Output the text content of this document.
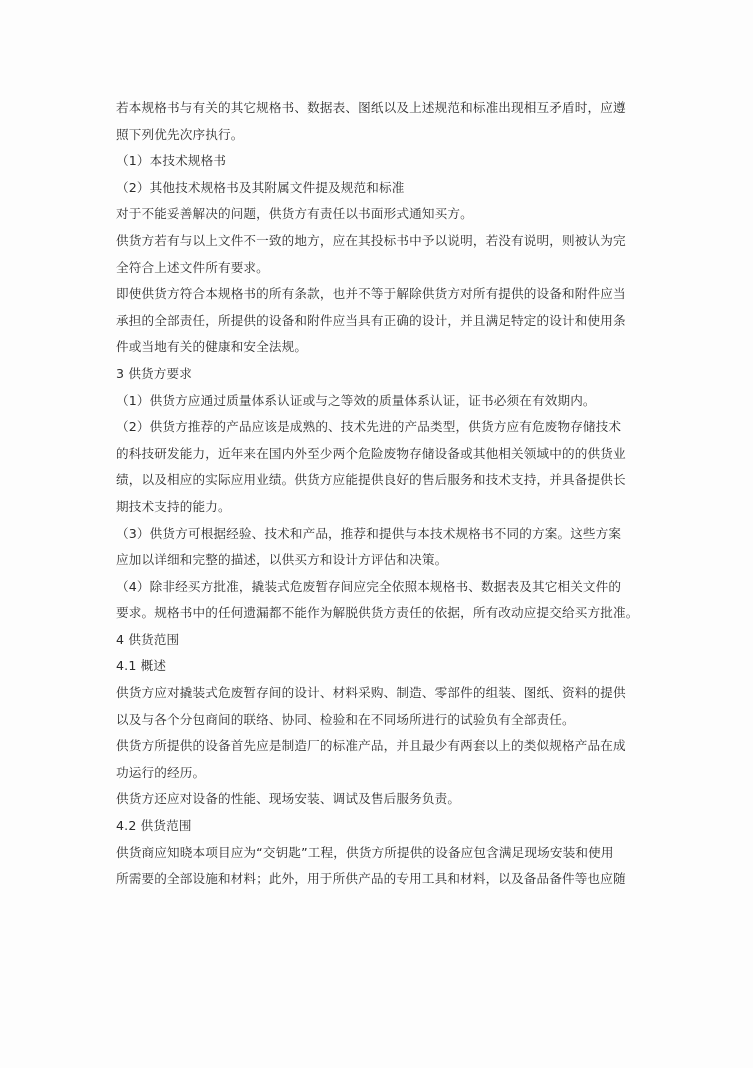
若本规格书与有关的其它规格书、数据表、图纸以及上述规范和标准出现相互矛盾时，应遵
照下列优先次序执行。
（1）本技术规格书
（2）其他技术规格书及其附属文件提及规范和标准
对于不能妥善解决的问题，供货方有责任以书面形式通知买方。
供货方若有与以上文件不一致的地方，应在其投标书中予以说明，若没有说明，则被认为完
全符合上述文件所有要求。
即使供货方符合本规格书的所有条款，也并不等于解除供货方对所有提供的设备和附件应当
承担的全部责任，所提供的设备和附件应当具有正确的设计，并且满足特定的设计和使用条
件或当地有关的健康和安全法规。
3 供货方要求
（1）供货方应通过质量体系认证或与之等效的质量体系认证，证书必须在有效期内。
（2）供货方推荐的产品应该是成熟的、技术先进的产品类型，供货方应有危废物存储技术
的科技研发能力，近年来在国内外至少两个危险废物存储设备或其他相关领域中的的供货业
绩，以及相应的实际应用业绩。供货方应能提供良好的售后服务和技术支持，并具备提供长
期技术支持的能力。
（3）供货方可根据经验、技术和产品，推荐和提供与本技术规格书不同的方案。这些方案
应加以详细和完整的描述，以供买方和设计方评估和决策。
（4）除非经买方批准，撬装式危废暂存间应完全依照本规格书、数据表及其它相关文件的
要求。规格书中的任何遗漏都不能作为解脱供货方责任的依据，所有改动应提交给买方批准。
4 供货范围
4.1 概述
供货方应对撬装式危废暂存间的设计、材料采购、制造、零部件的组装、图纸、资料的提供
以及与各个分包商间的联络、协同、检验和在不同场所进行的试验负有全部责任。
供货方所提供的设备首先应是制造厂的标准产品，并且最少有两套以上的类似规格产品在成
功运行的经历。
供货方还应对设备的性能、现场安装、调试及售后服务负责。
4.2 供货范围
供货商应知晓本项目应为“交钥匙”工程，供货方所提供的设备应包含满足现场安装和使用
所需要的全部设施和材料；此外，用于所供产品的专用工具和材料，以及备品备件等也应随
